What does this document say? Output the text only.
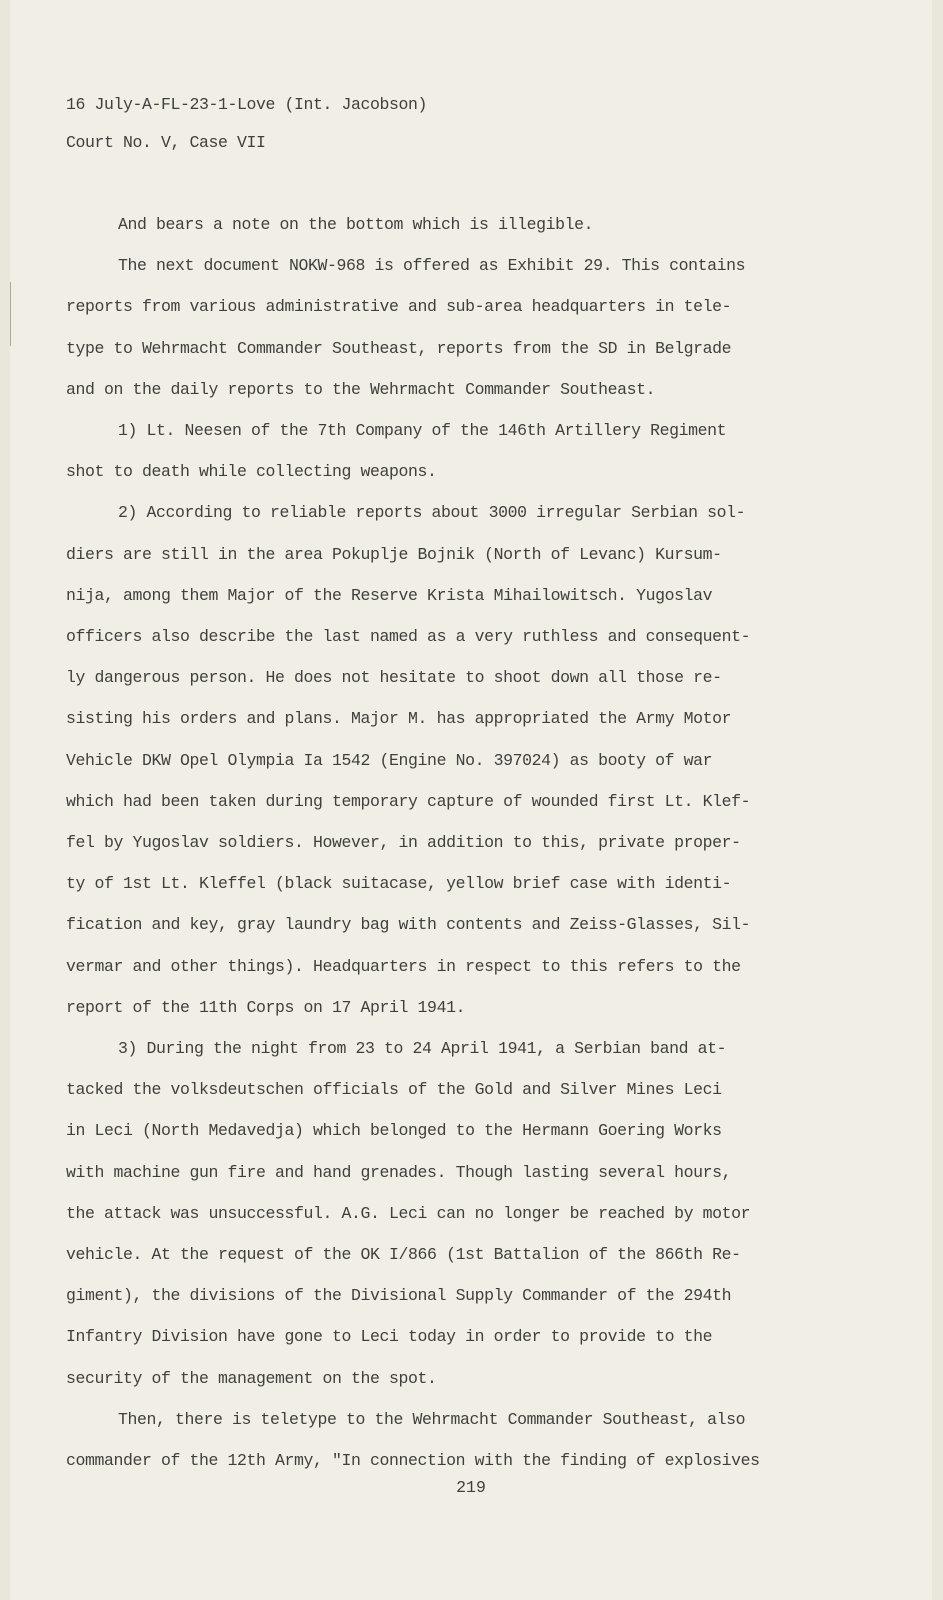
16 July-A-FL-23-1-Love (Int. Jacobson)
Court No. V, Case VII
And bears a note on the bottom which is illegible.
The next document NOKW-968 is offered as Exhibit 29. This contains
reports from various administrative and sub-area headquarters in tele-
type to Wehrmacht Commander Southeast, reports from the SD in Belgrade
and on the daily reports to the Wehrmacht Commander Southeast.
1) Lt. Neesen of the 7th Company of the 146th Artillery Regiment
shot to death while collecting weapons.
2) According to reliable reports about 3000 irregular Serbian sol-
diers are still in the area Pokuplje Bojnik (North of Levanc) Kursum-
nija, among them Major of the Reserve Krista Mihailowitsch. Yugoslav
officers also describe the last named as a very ruthless and consequent-
ly dangerous person. He does not hesitate to shoot down all those re-
sisting his orders and plans. Major M. has appropriated the Army Motor
Vehicle DKW Opel Olympia Ia 1542 (Engine No. 397024) as booty of war
which had been taken during temporary capture of wounded first Lt. Klef-
fel by Yugoslav soldiers. However, in addition to this, private proper-
ty of 1st Lt. Kleffel (black suitacase, yellow brief case with identi-
fication and key, gray laundry bag with contents and Zeiss-Glasses, Sil-
vermar and other things). Headquarters in respect to this refers to the
report of the 11th Corps on 17 April 1941.
3) During the night from 23 to 24 April 1941, a Serbian band at-
tacked the volksdeutschen officials of the Gold and Silver Mines Leci
in Leci (North Medavedja) which belonged to the Hermann Goering Works
with machine gun fire and hand grenades. Though lasting several hours,
the attack was unsuccessful. A.G. Leci can no longer be reached by motor
vehicle. At the request of the OK I/866 (1st Battalion of the 866th Re-
giment), the divisions of the Divisional Supply Commander of the 294th
Infantry Division have gone to Leci today in order to provide to the
security of the management on the spot.
Then, there is teletype to the Wehrmacht Commander Southeast, also
commander of the 12th Army, "In connection with the finding of explosives
219
